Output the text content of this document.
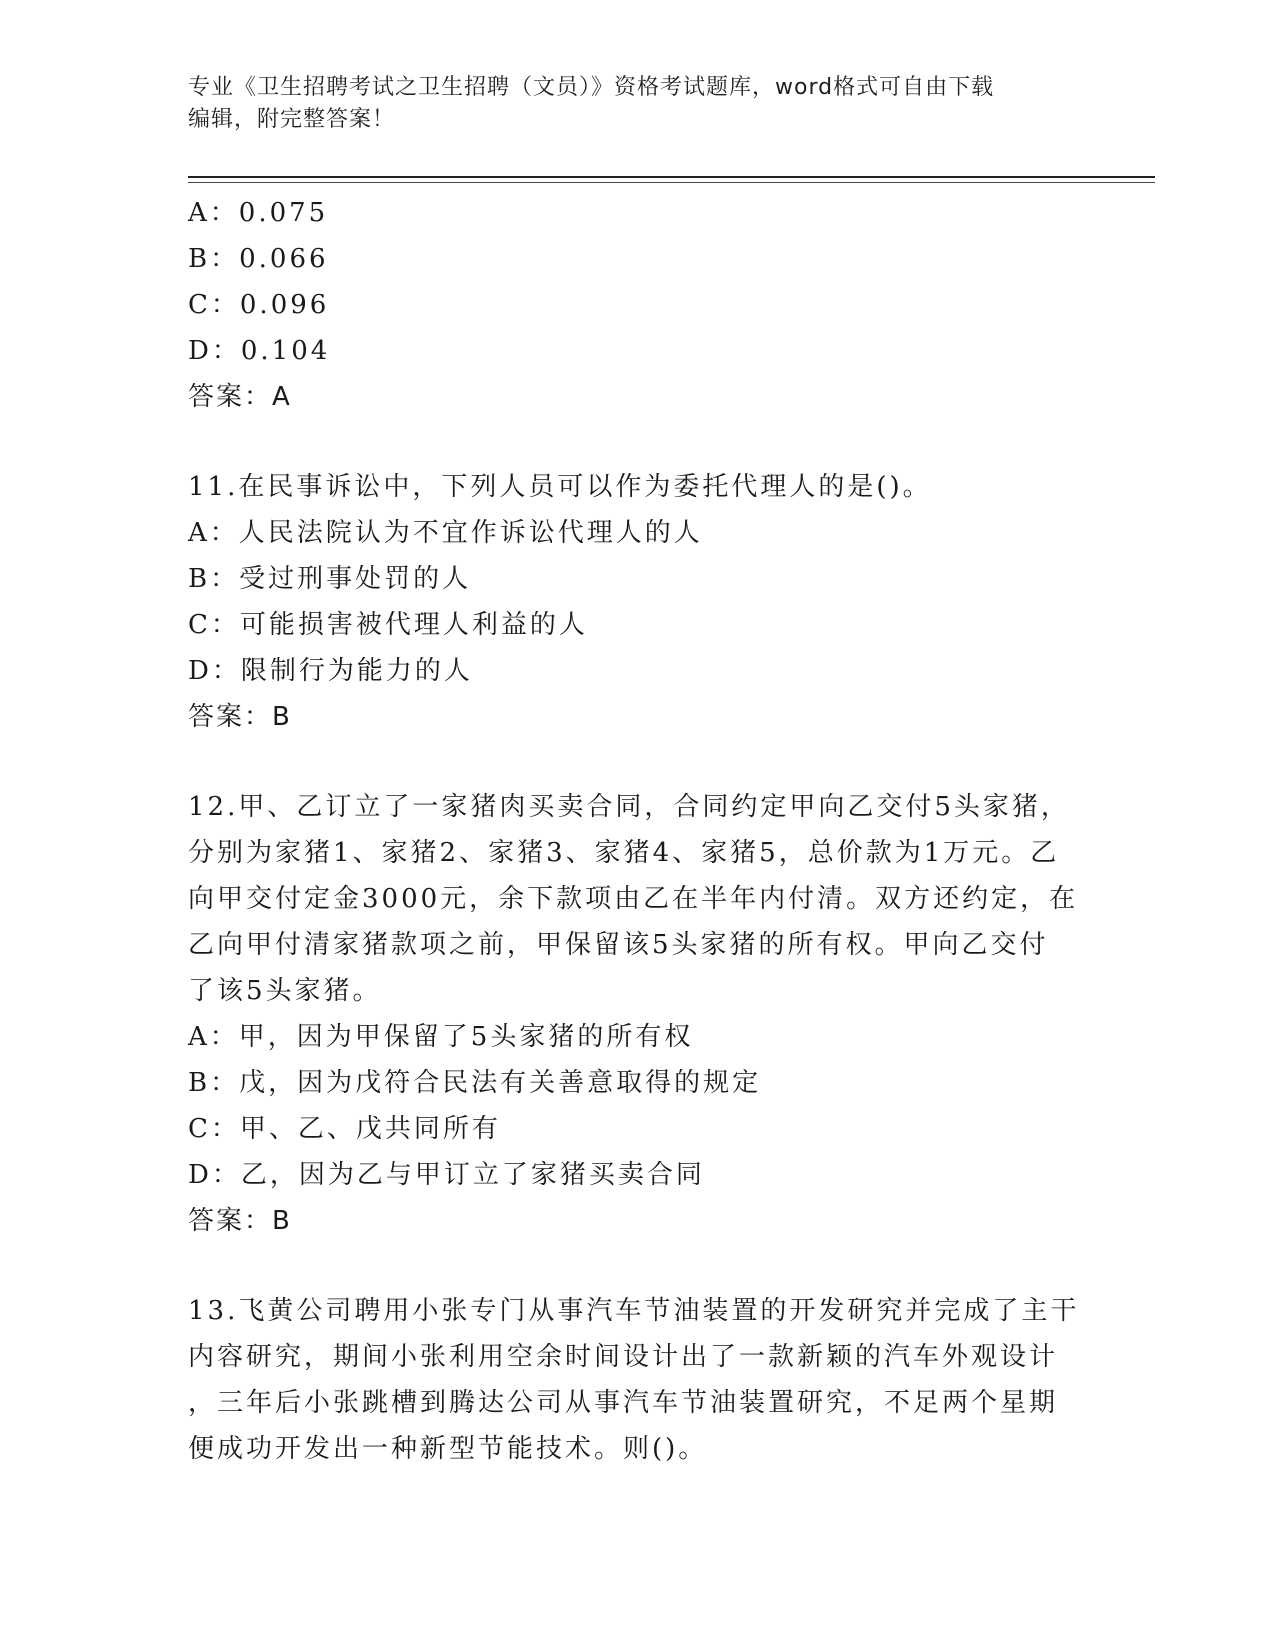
专业《卫生招聘考试之卫生招聘（文员）》资格考试题库，word格式可自由下载
编辑，附完整答案！
A：0.075
B：0.066
C：0.096
D：0.104
答案：A
11.在民事诉讼中，下列人员可以作为委托代理人的是()。
A：人民法院认为不宜作诉讼代理人的人
B：受过刑事处罚的人
C：可能损害被代理人利益的人
D：限制行为能力的人
答案：B
12.甲、乙订立了一家猪肉买卖合同，合同约定甲向乙交付5头家猪，
分别为家猪1、家猪2、家猪3、家猪4、家猪5，总价款为1万元。乙
向甲交付定金3000元，余下款项由乙在半年内付清。双方还约定，在
乙向甲付清家猪款项之前，甲保留该5头家猪的所有权。甲向乙交付
了该5头家猪。
A：甲，因为甲保留了5头家猪的所有权
B：戊，因为戊符合民法有关善意取得的规定
C：甲、乙、戊共同所有
D：乙，因为乙与甲订立了家猪买卖合同
答案：B
13.飞黄公司聘用小张专门从事汽车节油装置的开发研究并完成了主干
内容研究，期间小张利用空余时间设计出了一款新颖的汽车外观设计
，三年后小张跳槽到腾达公司从事汽车节油装置研究，不足两个星期
便成功开发出一种新型节能技术。则()。
